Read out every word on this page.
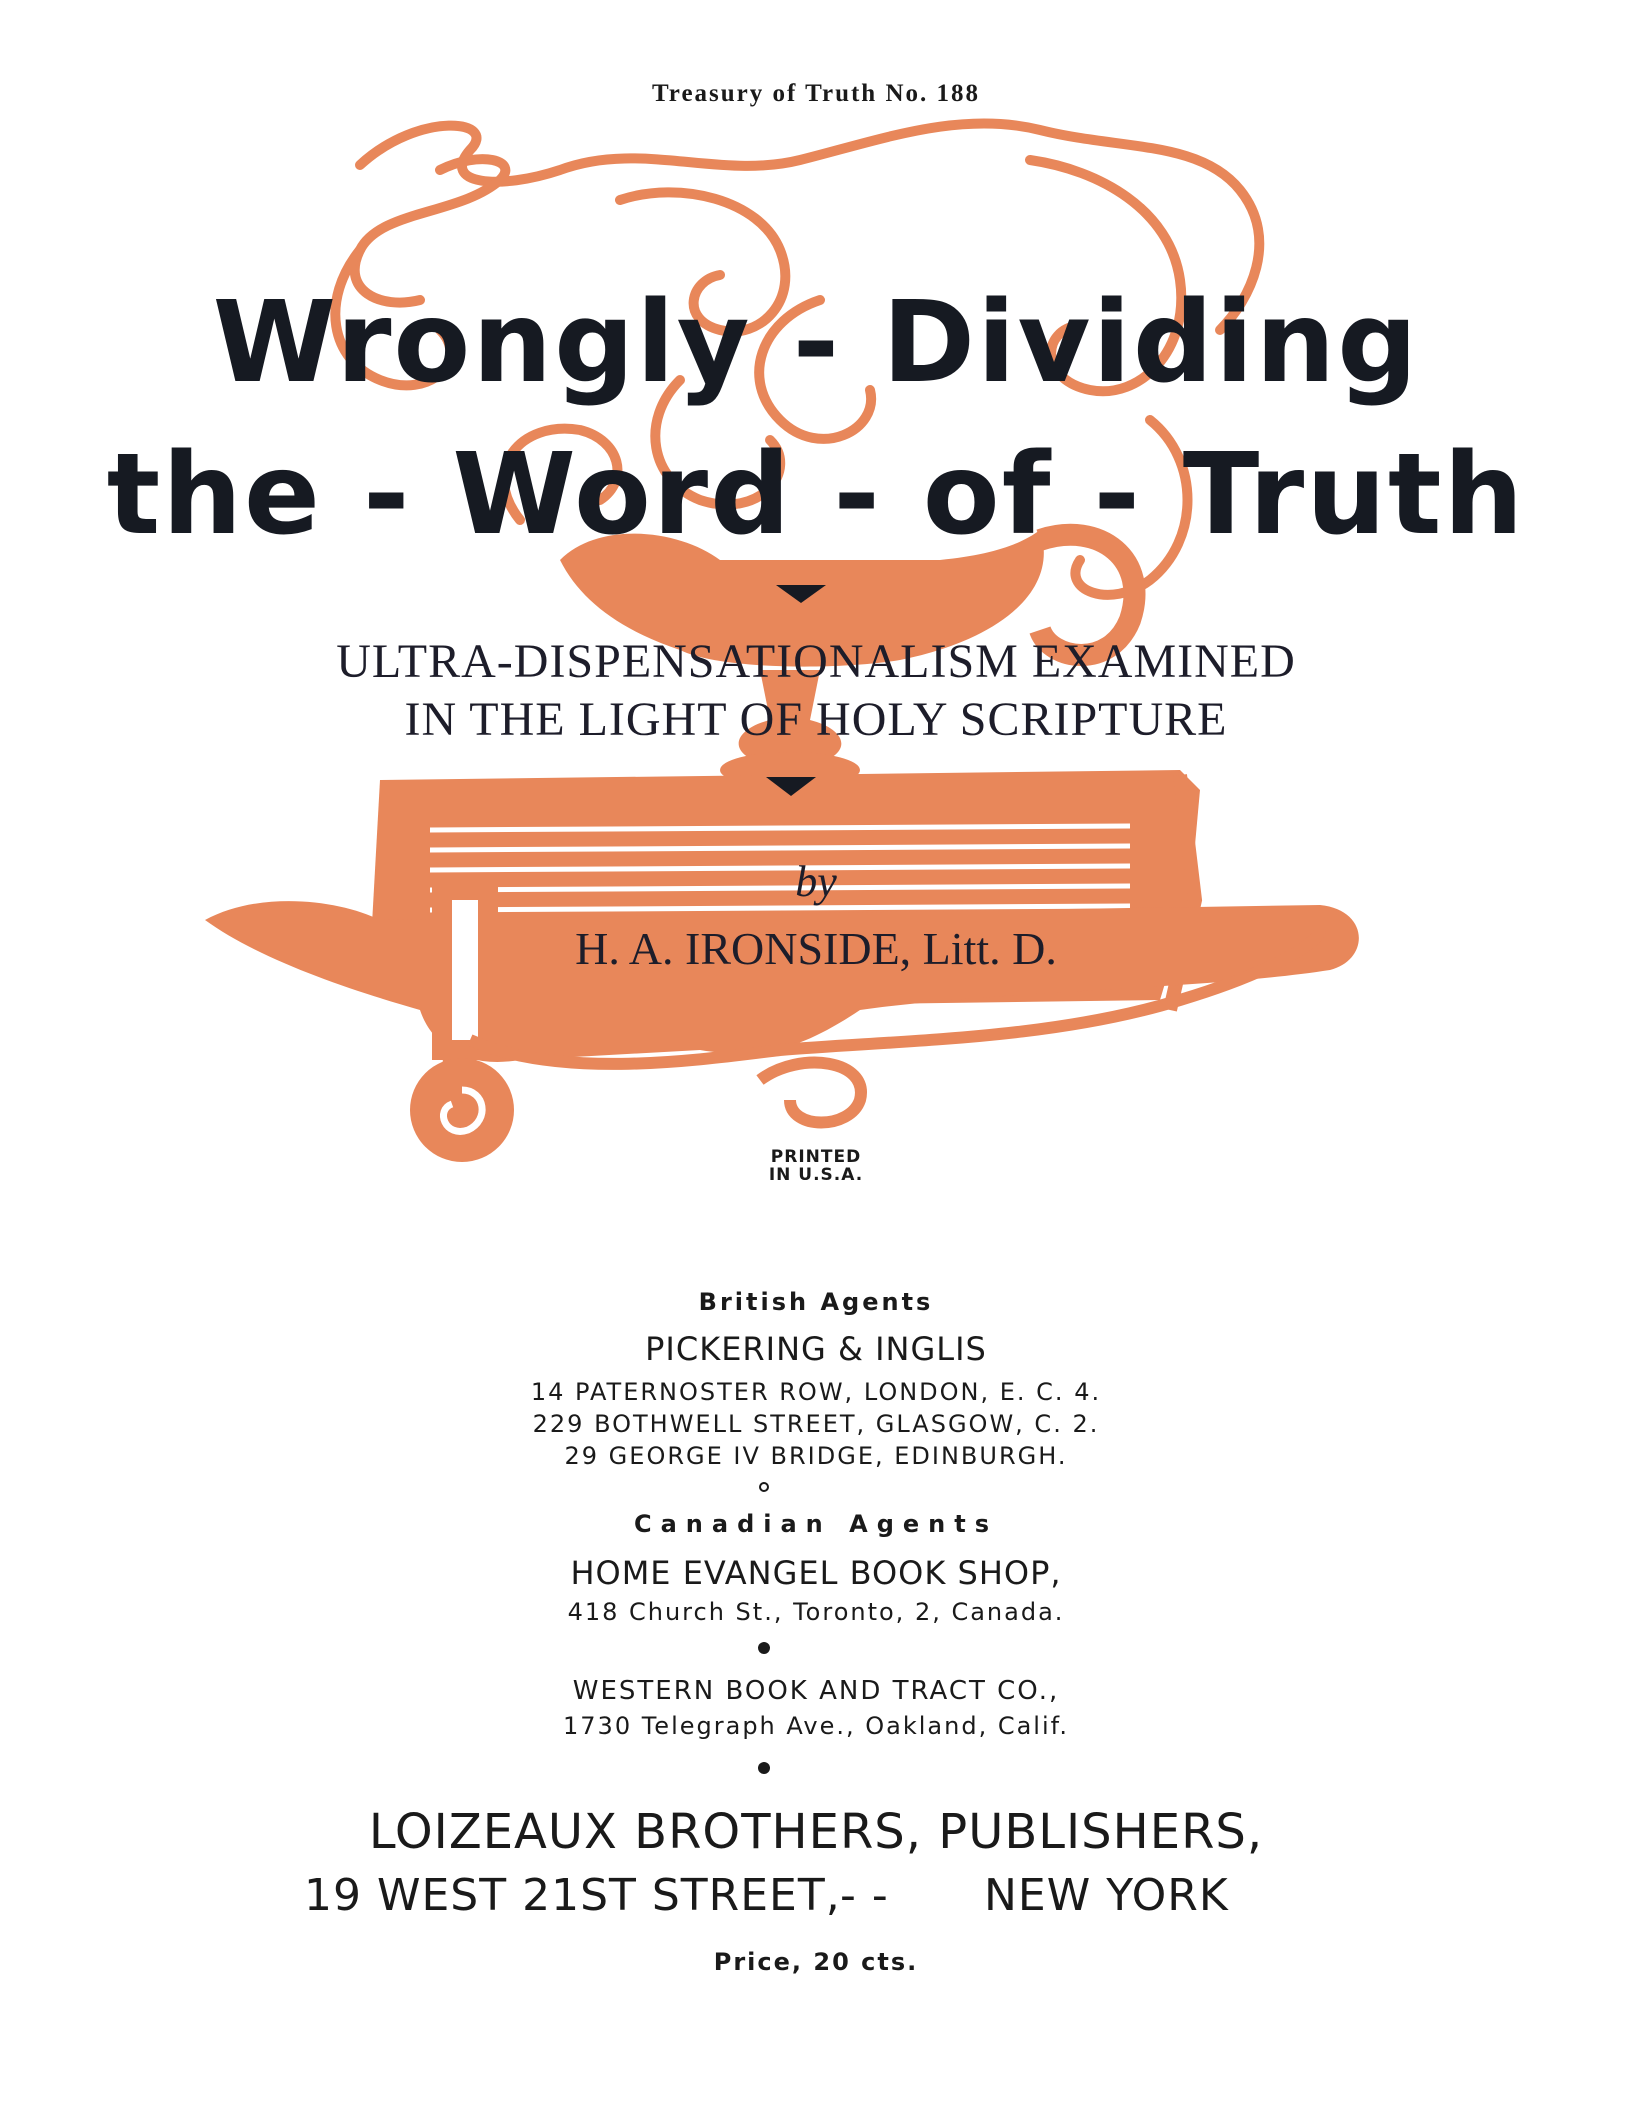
Treasury of Truth No. 188
Wrongly - Dividing
the - Word - of - Truth
ULTRA-DISPENSATIONALISM EXAMINED
IN THE LIGHT OF HOLY SCRIPTURE
by
H. A. IRONSIDE, Litt. D.
PRINTED
IN U.S.A.
British Agents
PICKERING & INGLIS
14 PATERNOSTER ROW, LONDON, E. C. 4.
229 BOTHWELL STREET, GLASGOW, C. 2.
29 GEORGE IV BRIDGE, EDINBURGH.
Canadian Agents
HOME EVANGEL BOOK SHOP,
418 Church St., Toronto, 2, Canada.
WESTERN BOOK AND TRACT CO.,
1730 Telegraph Ave., Oakland, Calif.
LOIZEAUX BROTHERS, PUBLISHERS,
19 WEST 21ST STREET, - - NEW YORK
Price, 20 cts.
